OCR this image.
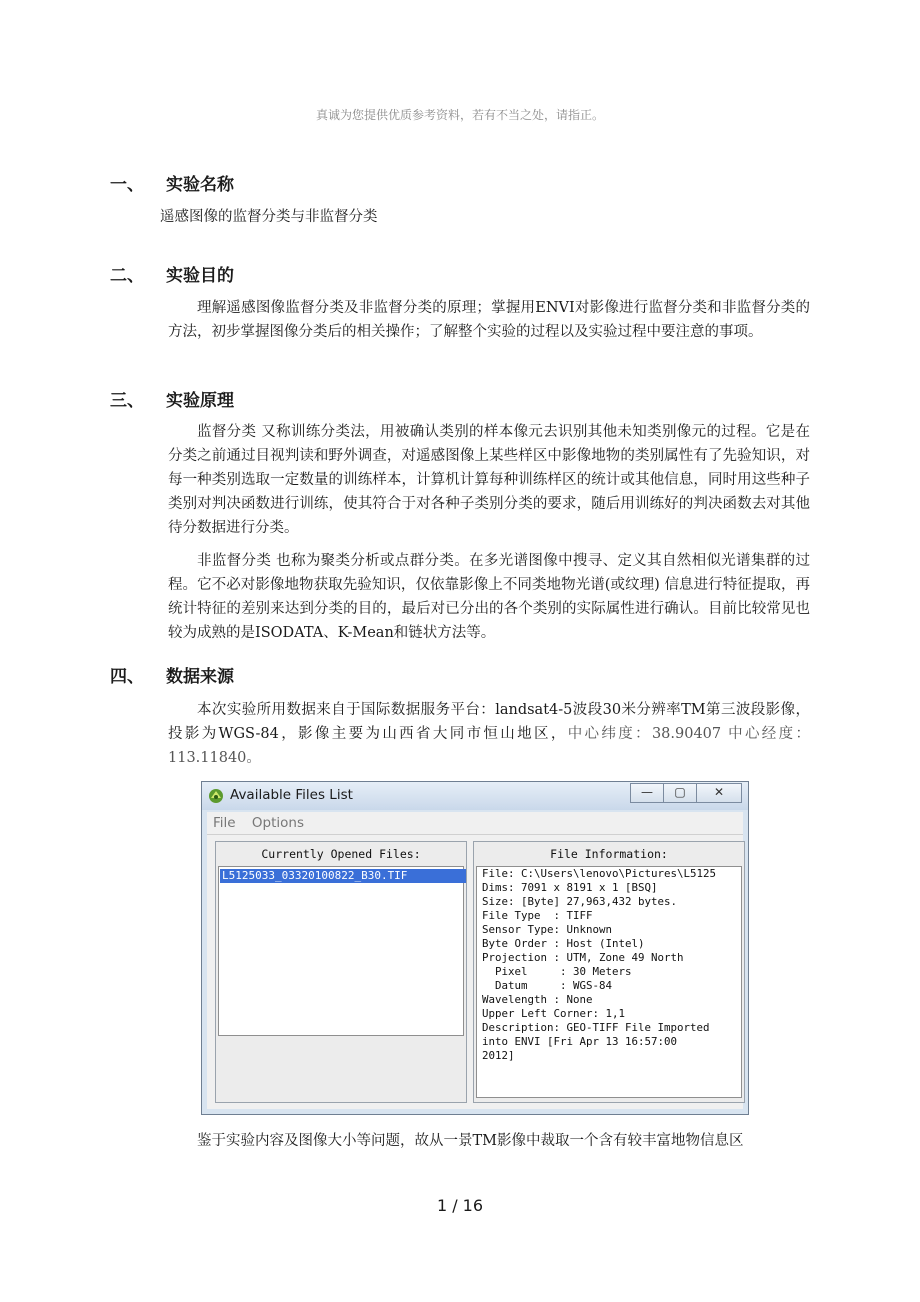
真诚为您提供优质参考资料，若有不当之处，请指正。
一、	实验名称

遥感图像的监督分类与非监督分类

二、	实验目的

理解遥感图像监督分类及非监督分类的原理；掌握用ENVI对影像进行监督分类和非监督分类的方法，初步掌握图像分类后的相关操作；了解整个实验的过程以及实验过程中要注意的事项。

三、	实验原理

监督分类 又称训练分类法，用被确认类别的样本像元去识别其他未知类别像元的过程。它是在分类之前通过目视判读和野外调查，对遥感图像上某些样区中影像地物的类别属性有了先验知识，对每一种类别选取一定数量的训练样本，计算机计算每种训练样区的统计或其他信息，同时用这些种子类别对判决函数进行训练，使其符合于对各种子类别分类的要求，随后用训练好的判决函数去对其他待分数据进行分类。

非监督分类 也称为聚类分析或点群分类。在多光谱图像中搜寻、定义其自然相似光谱集群的过程。它不必对影像地物获取先验知识，仅依靠影像上不同类地物光谱(或纹理) 信息进行特征提取，再统计特征的差别来达到分类的目的，最后对已分出的各个类别的实际属性进行确认。目前比较常见也较为成熟的是ISODATA、K-Mean和链状方法等。

四、	数据来源

本次实验所用数据来自于国际数据服务平台：landsat4-5波段30米分辨率TM第三波段影像，投影为WGS-84，影像主要为山西省大同市恒山地区，中心纬度：38.90407 中心经度：113.11840。

Available Files List	—	▢	✕
File Options
Currently Opened Files:
L5125033_03320100822_B30.TIF
File Information:
File: C:\Users\lenovo\Pictures\L5125
Dims: 7091 x 8191 x 1 [BSQ]
Size: [Byte] 27,963,432 bytes.
File Type  : TIFF
Sensor Type: Unknown
Byte Order : Host (Intel)
Projection : UTM, Zone 49 North
Pixel     : 30 Meters
Datum     : WGS-84
Wavelength : None
Upper Left Corner: 1,1
Description: GEO-TIFF File Imported
into ENVI [Fri Apr 13 16:57:00
2012]

鉴于实验内容及图像大小等问题，故从一景TM影像中裁取一个含有较丰富地物信息区

1 / 16
